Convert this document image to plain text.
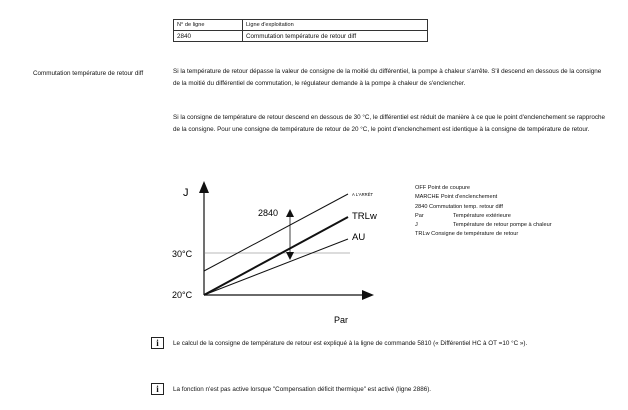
N° de ligne	Ligne d'exploitation
2840	Commutation température de retour diff
Commutation température de retour diff	Si la température de retour dépasse la valeur de consigne de la moitié du différentiel, la pompe à chaleur s'arrête. S'il descend en dessous de la consigne de la moitié du différentiel de commutation, le régulateur demande à la pompe à chaleur de s'enclencher.
Si la consigne de température de retour descend en dessous de 30 °C, le différentiel est réduit de manière à ce que le point d'enclenchement se rapproche de la consigne. Pour une consigne de température de retour de 20 °C, le point d'enclenchement est identique à la consigne de température de retour.
J
Par
30°C
20°C
2840
A L'ARRÊT
TRLw
AU
OFF Point de coupure
MARCHE Point d'enclenchement
2840 Commutation temp. retour diff
Par	Température extérieure
J	Température de retour pompe à chaleur
TRLw Consigne de température de retour
i	Le calcul de la consigne de température de retour est expliqué à la ligne de commande 5810 (« Différentiel HC à OT =10 °C »).
i	La fonction n'est pas active lorsque "Compensation déficit thermique" est activé (ligne 2886).
